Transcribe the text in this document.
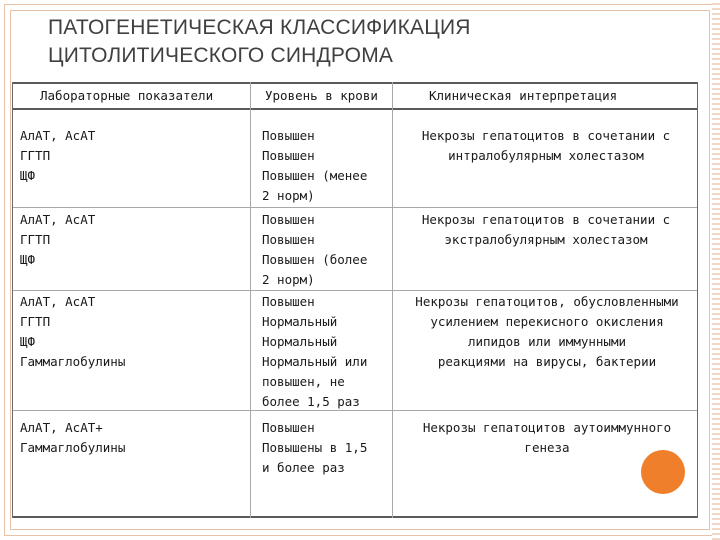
ПАТОГЕНЕТИЧЕСКАЯ КЛАССИФИКАЦИЯ
ЦИТОЛИТИЧЕСКОГО СИНДРОМА
Лабораторные показатели	Уровень в крови	Клиническая интерпретация
АлАТ, АсАТ
ГГТП
ЩФ
Повышен
Повышен
Повышен (менее
2 норм)
Некрозы гепатоцитов в сочетании с
интралобулярным холестазом
АлАТ, АсАТ
ГГТП
ЩФ
Повышен
Повышен
Повышен (более
2 норм)
Некрозы гепатоцитов в сочетании с
экстралобулярным холестазом
АлАТ, АсАТ
ГГТП
ЩФ
Гаммаглобулины
Повышен
Нормальный
Нормальный
Нормальный или
повышен, не
более 1,5 раз
Некрозы гепатоцитов, обусловленными
усилением перекисного окисления
липидов или иммунными
реакциями на вирусы, бактерии
АлАТ, АсАТ+
Гаммаглобулины
Повышен
Повышены в 1,5
и более раз
Некрозы гепатоцитов аутоиммунного
генеза
